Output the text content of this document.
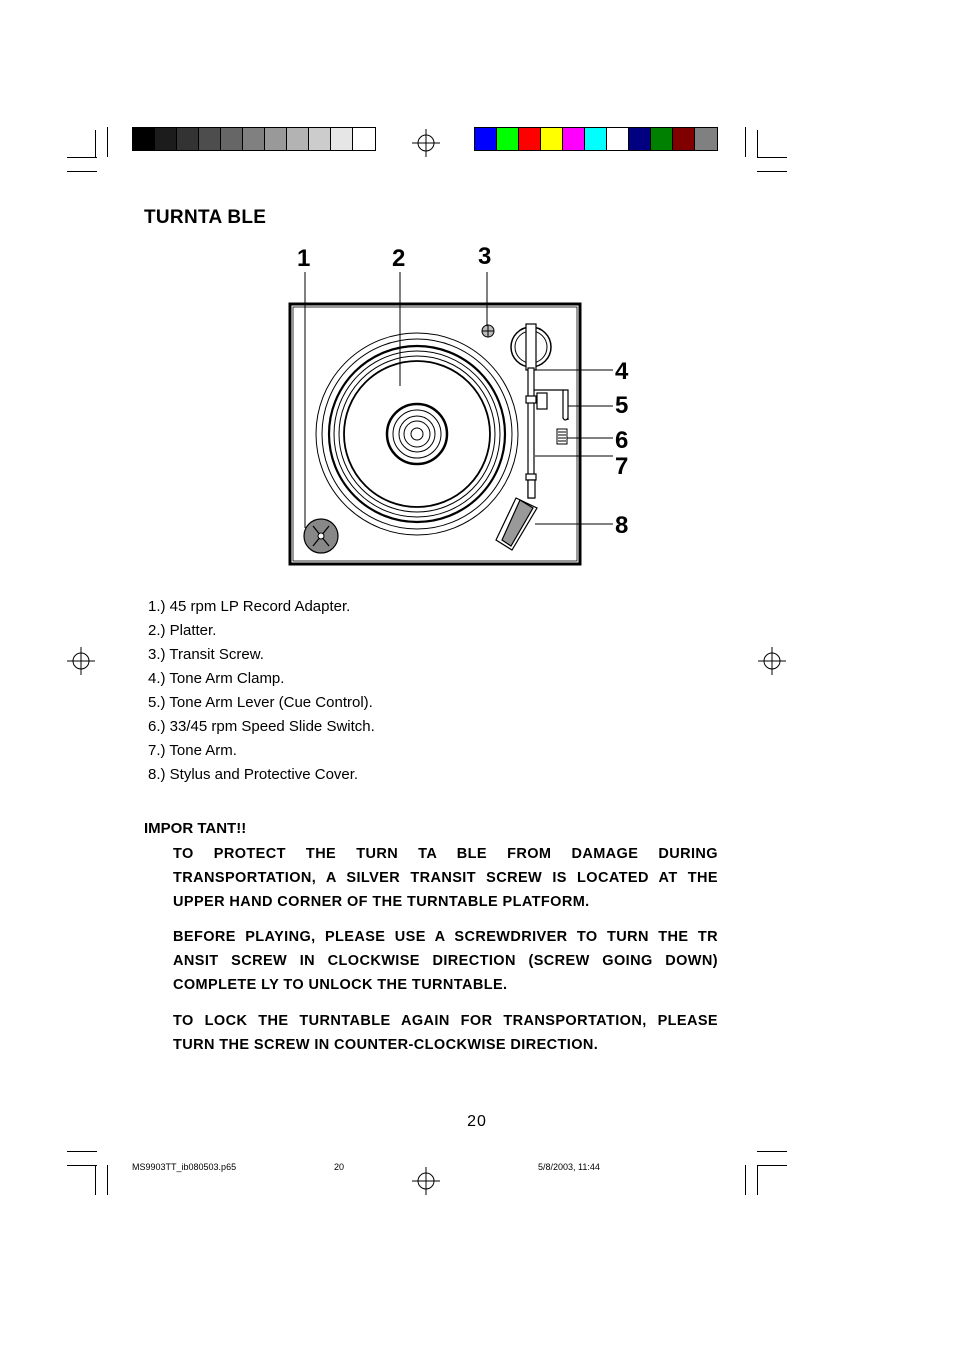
TURNTA BLE
1	2	3
4
5
6
7
8
1.) 45 rpm LP Record Adapter.
2.) Platter.
3.) Transit Screw.
4.) Tone Arm Clamp.
5.) Tone Arm Lever (Cue Control).
6.) 33/45 rpm Speed Slide Switch.
7.) Tone Arm.
8.) Stylus and Protective Cover.
IMPOR TANT!!

TO PROTECT THE TURN TA BLE FROM DAMAGE DURING TRANSPORTATION, A SILVER TRANSIT SCREW IS LOCATED AT THE UPPER HAND CORNER OF THE TURNTABLE PLATFORM.

BEFORE PLAYING, PLEASE USE A SCREWDRIVER TO TURN THE TR ANSIT SCREW IN CLOCKWISE DIRECTION (SCREW GOING DOWN) COMPLETE LY TO UNLOCK THE TURNTABLE.

TO LOCK THE TURNTABLE AGAIN FOR TRANSPORTATION, PLEASE TURN THE SCREW IN COUNTER-CLOCKWISE DIRECTION.

20
MS9903TT_ib080503.p65	20	5/8/2003, 11:44
